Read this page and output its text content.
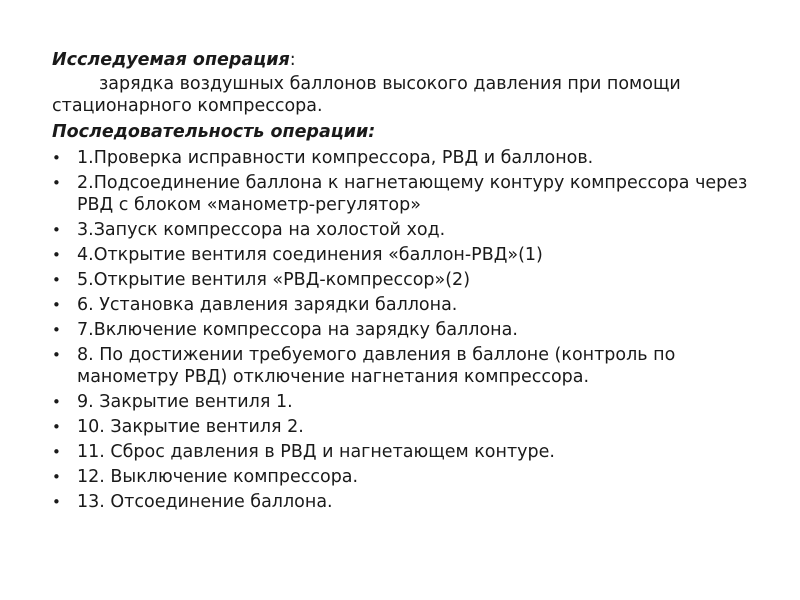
Исследуемая операция:

зарядка воздушных баллонов высокого давления при помощи стационарного компрессора.

Последовательность операции:

• 1.Проверка исправности компрессора, РВД и баллонов.
• 2.Подсоединение баллона к нагнетающему контуру компрессора через РВД с блоком «манометр-регулятор»
• 3.Запуск компрессора на холостой ход.
• 4.Открытие вентиля соединения «баллон-РВД»(1)
• 5.Открытие вентиля «РВД-компрессор»(2)
• 6. Установка давления зарядки баллона.
• 7.Включение компрессора на зарядку баллона.
• 8. По достижении требуемого давления в баллоне (контроль по манометру РВД) отключение нагнетания компрессора.
• 9. Закрытие вентиля 1.
• 10. Закрытие вентиля 2.
• 11. Сброс давления в РВД и нагнетающем контуре.
• 12. Выключение компрессора.
• 13. Отсоединение баллона.
